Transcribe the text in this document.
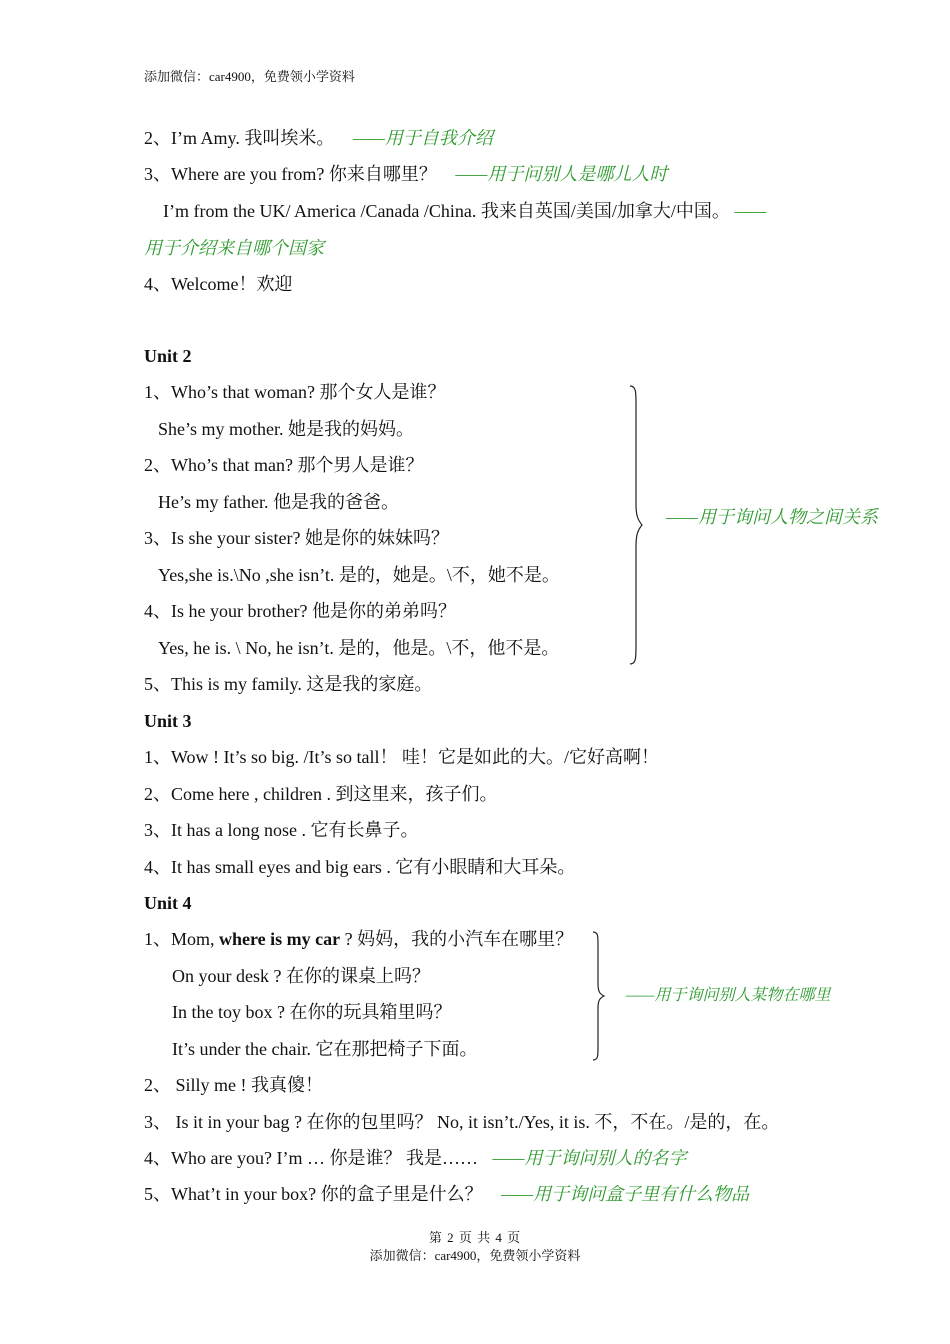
添加微信：car4900，免费领小学资料
2、I’m Amy. 我叫埃米。 ——用于自我介绍
3、Where are you from? 你来自哪里？ ——用于问别人是哪儿人时
I’m from the UK/ America /Canada /China. 我来自英国/美国/加拿大/中国。 ——
用于介绍来自哪个国家
4、Welcome！欢迎
Unit 2
1、Who’s that woman? 那个女人是谁？
She’s my mother. 她是我的妈妈。
2、Who’s that man? 那个男人是谁？
He’s my father. 他是我的爸爸。
3、Is she your sister? 她是你的妹妹吗？
Yes,she is.\No ,she isn’t. 是的，她是。\不，她不是。
4、Is he your brother? 他是你的弟弟吗？
Yes, he is. \ No, he isn’t. 是的，他是。\不，他不是。
5、This is my family. 这是我的家庭。
——用于询问人物之间关系
Unit 3
1、Wow ! It’s so big. /It’s so tall！ 哇！它是如此的大。/它好高啊！
2、Come here , children . 到这里来，孩子们。
3、It has a long nose . 它有长鼻子。
4、It has small eyes and big ears . 它有小眼睛和大耳朵。
Unit 4
1、Mom, where is my car ? 妈妈，我的小汽车在哪里？
On your desk ? 在你的课桌上吗？
In the toy box ? 在你的玩具箱里吗？
It’s under the chair. 它在那把椅子下面。
——用于询问别人某物在哪里
2、 Silly me ! 我真傻！
3、 Is it in your bag ? 在你的包里吗？ No, it isn’t./Yes, it is. 不，不在。/是的，在。
4、Who are you? I’m … 你是谁？ 我是…… ——用于询问别人的名字
5、What’t in your box? 你的盒子里是什么？ ——用于询问盒子里有什么物品
第 2 页 共 4 页
添加微信：car4900，免费领小学资料
